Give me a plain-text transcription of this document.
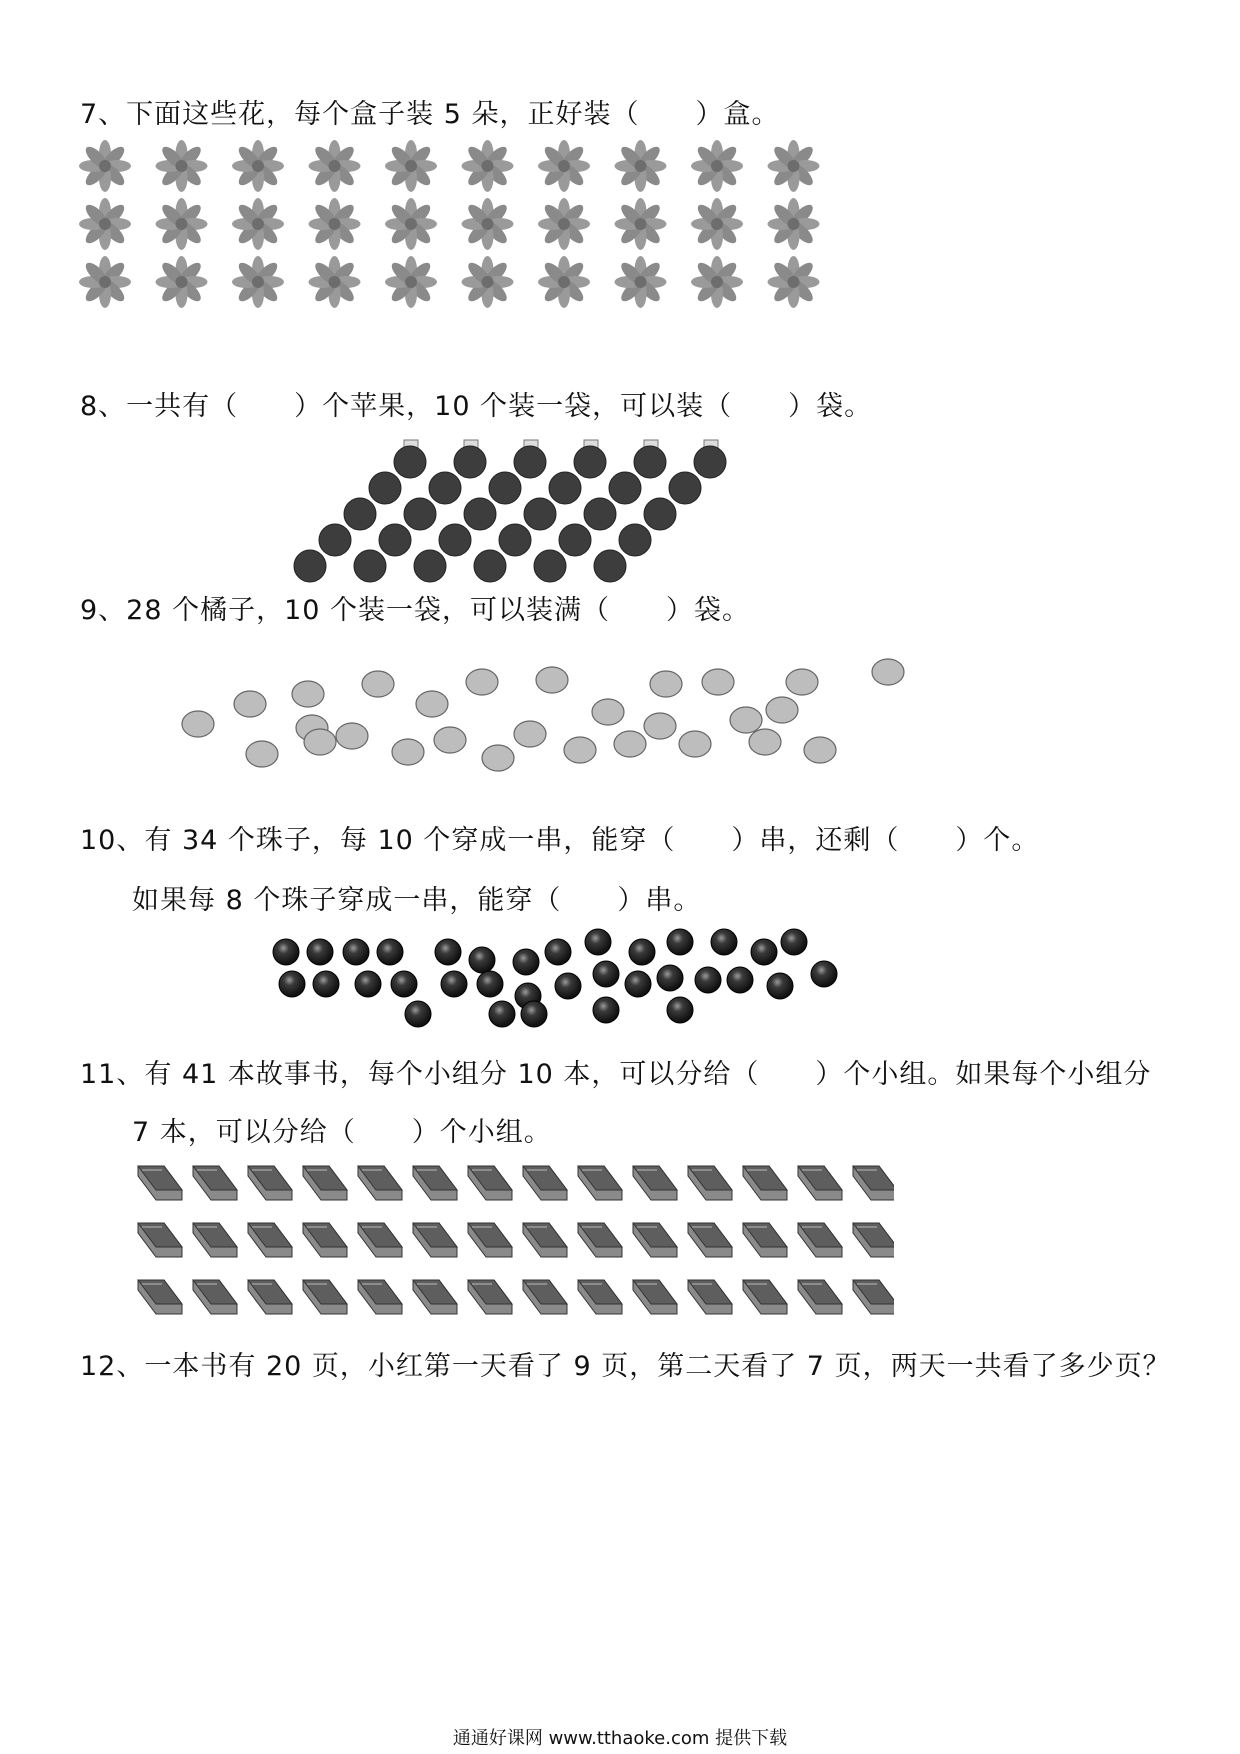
7、下面这些花，每个盒子装 5 朵，正好装（　　）盒。
8、一共有（　　）个苹果，10 个装一袋，可以装（　　）袋。
9、28 个橘子，10 个装一袋，可以装满（　　）袋。
10、有 34 个珠子，每 10 个穿成一串，能穿（　　）串，还剩（　　）个。
如果每 8 个珠子穿成一串，能穿（　　）串。
11、有 41 本故事书，每个小组分 10 本，可以分给（　　）个小组。如果每个小组分
7 本，可以分给（　　）个小组。
12、一本书有 20 页，小红第一天看了 9 页，第二天看了 7 页，两天一共看了多少页？
通通好课网 www.tthaoke.com 提供下载
